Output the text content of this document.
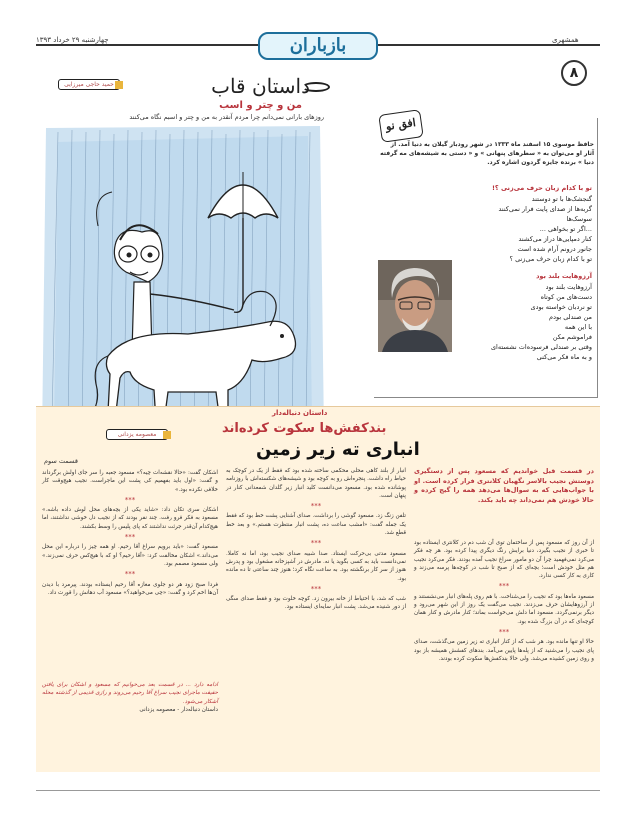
چهارشنبه ۲۹ خرداد ۱۳۹۳	بازباران	همشهری
۸
حمید حاجی میرزایی	داستان قاب
من و چتر و اسب
روزهای بارانی نمی‌دانم چرا مردم آنقدر به من و چتر و اسبم نگاه می‌کنند	افق نو
حافظ موسوی ۱۵ اسفند ماه ۱۳۳۳ در شهر رودبار گیلان به دنیا آمد. از آثار او می‌توان به « سطرهای پنهانی » و « دستی به شیشه‌های مه گرفته دنیا » برنده جایزه گردون اشاره کرد.
تو با کدام زبان حرف می‌زنی ؟!
گنجشک‌ها با تو دوستند
گربه‌ها از صدای پایت فرار نمی‌کنند
سوسک‌ها
...اگر تو بخواهی ...
کنار دمپایی‌ها دراز می‌کشند
جانور درونم آرام شده است
تو با کدام زبان حرف می‌زنی ؟
آرزوهایت بلند بود
آرزوهایت بلند بود
دست‌های من کوتاه
تو نردبان خواسته بودی
من صندلی بودم
با این همه
فراموشم مکن
وقتی بر صندلی فرسوده‌ات نشسته‌ای
و به ماه فکر می‌کنی
داستان دنباله‌دار
بندکفش‌ها سکوت کرده‌اند
انباری ته زیر زمین
معصومه یزدانی
قسمت سوم
در قسمت قبل خواندیم که مسعود پس از دستگیری دوستش نجیب بالاسر نگهبان کلانتری فرار کرده است. او با جواب‌هایی که به سوال‌ها می‌دهد همه را گیج کرده و حالا خودش هم نمی‌داند چه باید بکند.

از آن روز که مسعود پس از ساختمان توی آن شب دم در کلانتری ایستاده بود تا خبری از نجیب بگیرد، دنیا برایش رنگ دیگری پیدا کرده بود. هر چه فکر می‌کرد نمی‌فهمید چرا آن دو مامور سراغ نجیب آمده بودند. فکر می‌کرد نجیب هم مثل خودش است؛ بچه‌ای که از صبح تا شب در کوچه‌ها پرسه می‌زند و کاری به کار کسی ندارد.

***

مسعود ماه‌ها بود که نجیب را می‌شناخت. با هم روی پله‌های انبار می‌نشستند و از آرزوهایشان حرف می‌زدند. نجیب می‌گفت یک روز از این شهر می‌رود و دیگر برنمی‌گردد. مسعود اما دلش می‌خواست بماند؛ کنار مادرش و کنار همان کوچه‌ای که در آن بزرگ شده بود.

***

حالا او تنها مانده بود. هر شب که از کنار انباری ته زیر زمین می‌گذشت، صدای پای نجیب را می‌شنید که از پله‌ها پایین می‌آمد. بندهای کفشش همیشه باز بود و روی زمین کشیده می‌شد. ولی حالا بندکفش‌ها سکوت کرده بودند.

انبار از بلند کاهی محلی محکمی ساخته شده بود که فقط از یک در کوچک به حیاط راه داشت. پنجره‌اش رو به کوچه بود و شیشه‌های شکسته‌اش با روزنامه پوشانده شده بود. مسعود می‌دانست کلید انبار زیر گلدان شمعدانی کنار در پنهان است.

***

تلفن زنگ زد. مسعود گوشی را برداشت. صدای آشنایی پشت خط بود که فقط یک جمله گفت: «امشب ساعت ده، پشت انبار منتظرت هستم.» و بعد خط قطع شد.

***

مسعود مدتی بی‌حرکت ایستاد. صدا شبیه صدای نجیب بود، اما نه کاملا. نمی‌دانست باید به کسی بگوید یا نه. مادرش در آشپزخانه مشغول بود و پدرش هنوز از سر کار برنگشته بود. به ساعت نگاه کرد؛ هنوز چند ساعتی تا ده مانده بود.

***

شب که شد، با احتیاط از خانه بیرون زد. کوچه خلوت بود و فقط صدای سگی از دور شنیده می‌شد. پشت انبار سایه‌ای ایستاده بود.

اشکان گفت: «حالا نقشه‌ات چیه؟» مسعود جعبه را سر جای اولش برگرداند و گفت: «اول باید بفهمیم کی پشت این ماجراست. نجیب هیچ‌وقت کار خلافی نکرده بود.»

***

اشکان سری تکان داد: «شاید یکی از بچه‌های محل لوش داده باشه.» مسعود به فکر فرو رفت. چند نفر بودند که از نجیب دل خوشی نداشتند، اما هیچ‌کدام آن‌قدر جرئت نداشتند که پای پلیس را وسط بکشند.

***

مسعود گفت: «باید برویم سراغ آقا رحیم. او همه چیز را درباره این محل می‌داند.» اشکان مخالفت کرد: «آقا رحیم؟ او که با هیچ‌کس حرف نمی‌زند.» ولی مسعود مصمم بود.

***

فردا صبح زود هر دو جلوی مغازه آقا رحیم ایستاده بودند. پیرمرد با دیدن آن‌ها اخم کرد و گفت: «چی می‌خواهید؟» مسعود آب دهانش را قورت داد.

ادامه دارد ... در قسمت بعد می‌خوانیم که مسعود و اشکان برای یافتن حقیقت ماجرای نجیب سراغ آقا رحیم می‌روند و رازی قدیمی از گذشته محله آشکار می‌شود.
داستان دنباله‌دار - معصومه یزدانی
